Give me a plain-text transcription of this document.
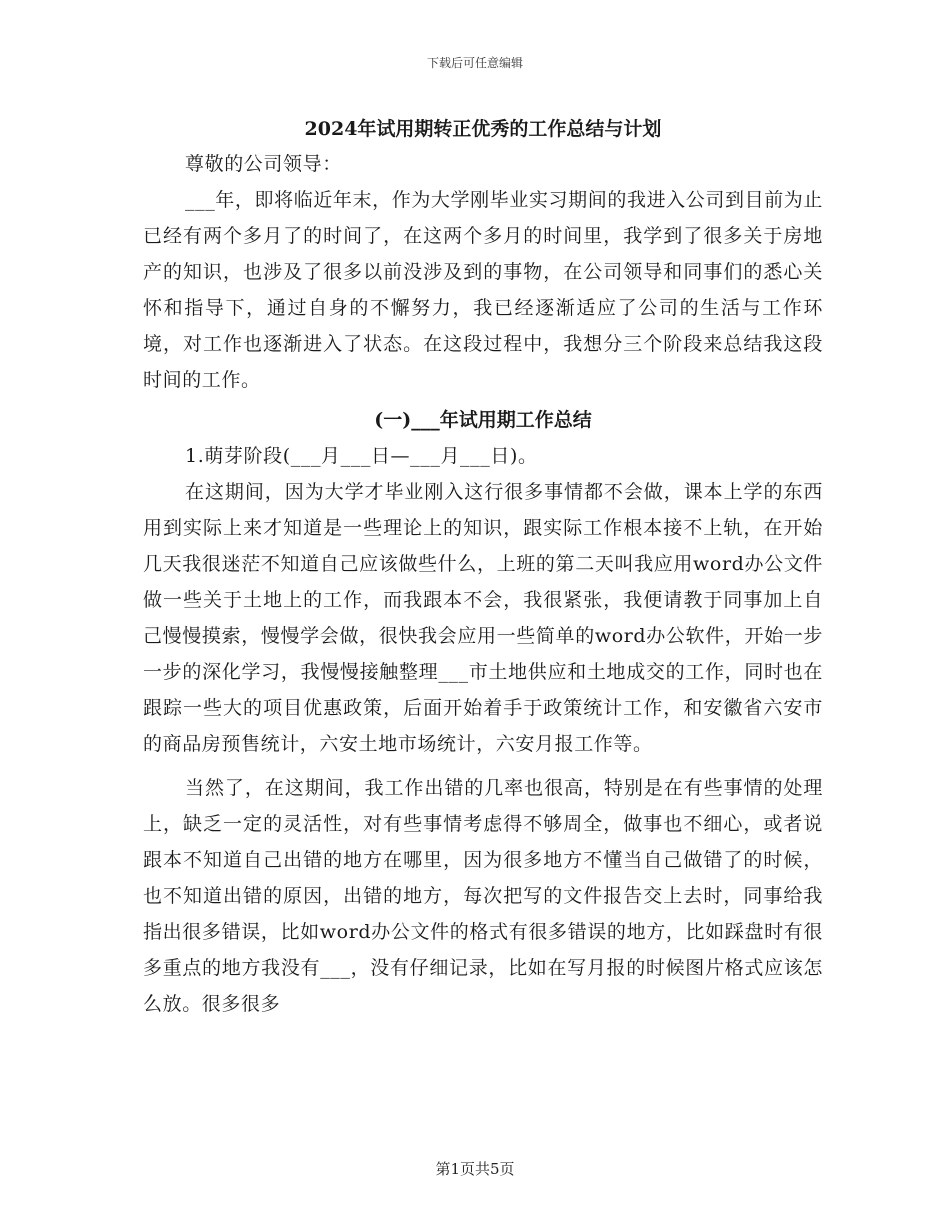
下载后可任意编辑
2024年试用期转正优秀的工作总结与计划

尊敬的公司领导：

___年，即将临近年末，作为大学刚毕业实习期间的我进入公司到目前为止已经有两个多月了的时间了，在这两个多月的时间里，我学到了很多关于房地产的知识，也涉及了很多以前没涉及到的事物，在公司领导和同事们的悉心关怀和指导下，通过自身的不懈努力，我已经逐渐适应了公司的生活与工作环境，对工作也逐渐进入了状态。在这段过程中，我想分三个阶段来总结我这段时间的工作。

(一)___年试用期工作总结

1.萌芽阶段(___月___日—___月___日)。

在这期间，因为大学才毕业刚入这行很多事情都不会做，课本上学的东西用到实际上来才知道是一些理论上的知识，跟实际工作根本接不上轨，在开始几天我很迷茫不知道自己应该做些什么，上班的第二天叫我应用word办公文件做一些关于土地上的工作，而我跟本不会，我很紧张，我便请教于同事加上自己慢慢摸索，慢慢学会做，很快我会应用一些简单的word办公软件，开始一步一步的深化学习，我慢慢接触整理___市土地供应和土地成交的工作，同时也在跟踪一些大的项目优惠政策，后面开始着手于政策统计工作，和安徽省六安市的商品房预售统计，六安土地市场统计，六安月报工作等。

当然了，在这期间，我工作出错的几率也很高，特别是在有些事情的处理上，缺乏一定的灵活性，对有些事情考虑得不够周全，做事也不细心，或者说跟本不知道自己出错的地方在哪里，因为很多地方不懂当自己做错了的时候，也不知道出错的原因，出错的地方，每次把写的文件报告交上去时，同事给我指出很多错误，比如word办公文件的格式有很多错误的地方，比如踩盘时有很多重点的地方我没有___，没有仔细记录，比如在写月报的时候图片格式应该怎么放。很多很多

第1页共5页
